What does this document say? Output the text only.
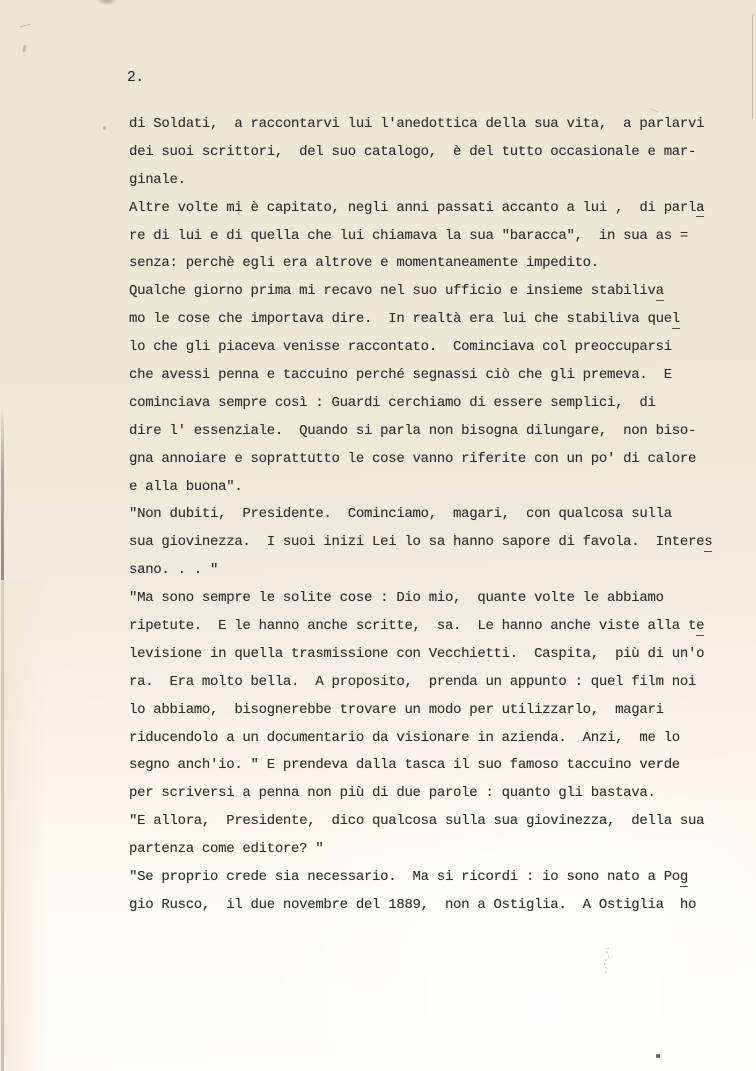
2.
di Soldati,  a raccontarvi lui l'anedottica della sua vita,  a parlarvi
dei suoi scrittori,  del suo catalogo,  è del tutto occasionale e mar-
ginale.
Altre volte mi è capitato, negli anni passati accanto a lui ,  di parla
re di lui e di quella che lui chiamava la sua "baracca",  in sua as =
senza: perchè egli era altrove e momentaneamente impedito.
Qualche giorno prima mi recavo nel suo ufficio e insieme stabiliva
mo le cose che importava dire.  In realtà era lui che stabiliva quel
lo che gli piaceva venisse raccontato.  Cominciava col preoccuparsi
che avessi penna e taccuino perché segnassi ciò che gli premeva.  E
cominciava sempre così : Guardi cerchiamo di essere semplici,  di
dire l' essenziale.  Quando si parla non bisogna dilungare,  non biso-
gna annoiare e soprattutto le cose vanno riferite con un po' di calore
e alla buona".
"Non dubiti,  Presidente.  Cominciamo,  magari,  con qualcosa sulla
sua giovinezza.  I suoi inizi Lei lo sa hanno sapore di favola.  Interes
sano. . . "
"Ma sono sempre le solite cose : Dio mio,  quante volte le abbiamo
ripetute.  E le hanno anche scritte,  sa.  Le hanno anche viste alla te
levisione in quella trasmissione con Vecchietti.  Caspita,  più di un'o
ra.  Era molto bella.  A proposito,  prenda un appunto : quel film noi
lo abbiamo,  bisognerebbe trovare un modo per utilizzarlo,  magari
riducendolo a un documentario da visionare in azienda.  Anzi,  me lo
segno anch'io. " E prendeva dalla tasca il suo famoso taccuino verde
per scriversi a penna non più di due parole : quanto gli bastava.
"E allora,  Presidente,  dico qualcosa sulla sua giovinezza,  della sua
partenza come editore? "
"Se proprio crede sia necessario.  Ma si ricordi : io sono nato a Pog
gio Rusco,  il due novembre del 1889,  non a Ostiglia.  A Ostiglia  ho
